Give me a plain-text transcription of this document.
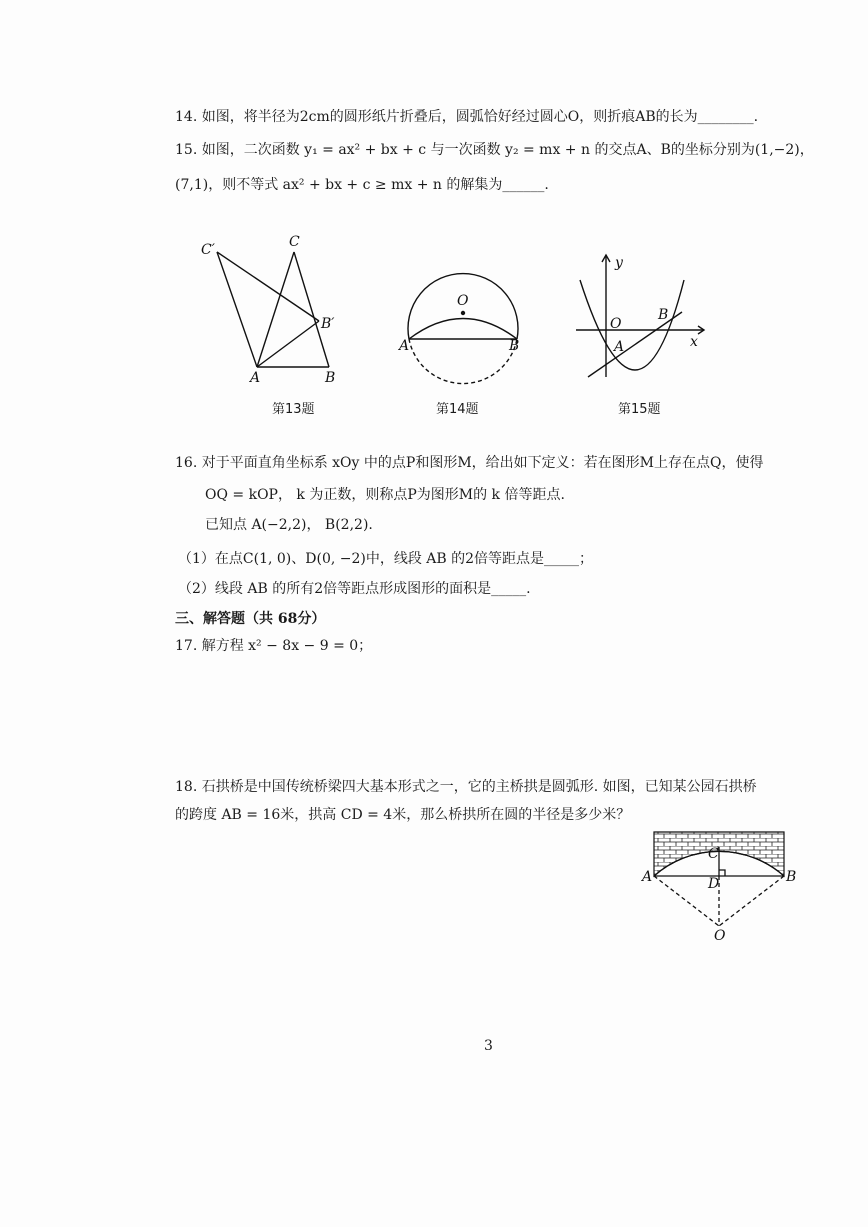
14. 如图，将半径为2cm的圆形纸片折叠后，圆弧恰好经过圆心O，则折痕AB的长为________.
15. 如图，二次函数 y₁ = ax² + bx + c 与一次函数 y₂ = mx + n 的交点A、B的坐标分别为(1,−2)，
(7,1)，则不等式 ax² + bx + c ≥ mx + n 的解集为______.
C′	C
B′
A	B
第13题
O
A	B
第14题
y
O
B
A	x
第15题
16. 对于平面直角坐标系 xOy 中的点P和图形M，给出如下定义：若在图形M上存在点Q，使得
OQ = kOP， k 为正数，则称点P为图形M的 k 倍等距点.
已知点 A(−2,2)， B(2,2).
（1）在点C(1, 0)、D(0, −2)中，线段 AB 的2倍等距点是_____；
（2）线段 AB 的所有2倍等距点形成图形的面积是_____.
三、解答题（共 68分）
17. 解方程 x² − 8x − 9 = 0；
18. 石拱桥是中国传统桥梁四大基本形式之一，它的主桥拱是圆弧形. 如图，已知某公园石拱桥
的跨度 AB = 16米，拱高 CD = 4米，那么桥拱所在圆的半径是多少米？
C
A	D	B
O
3
